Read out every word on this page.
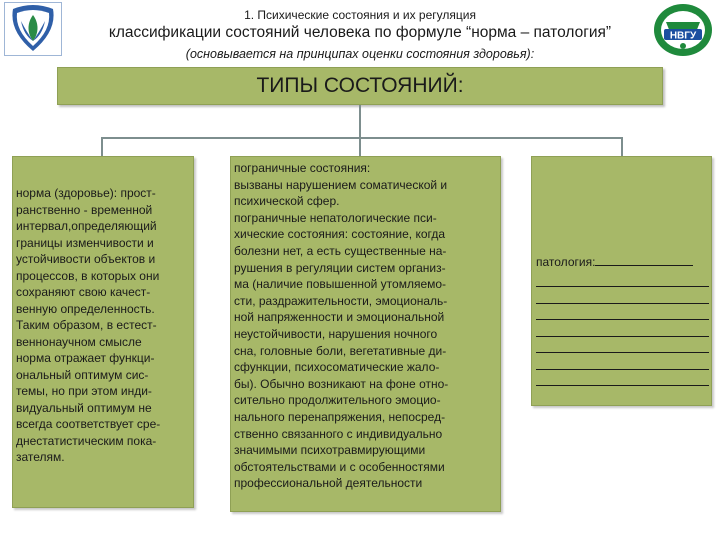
НВГУ
1. Психические состояния и их регуляция
классификации состояний человека по формуле “норма – патология”
(основывается на принципах оценки состояния здоровья):
ТИПЫ СОСТОЯНИЙ:
норма (здоровье): прост-
ранственно - временной
интервал,определяющий
границы изменчивости и
устойчивости объектов и
процессов, в которых они
сохраняют свою качест-
венную определенность.
Таким образом, в естест-
веннонаучном смысле
норма отражает функци-
ональный оптимум сис-
темы, но при этом инди-
видуальный оптимум не
всегда соответствует сре-
днестатистическим пока-
зателям.
пограничные состояния:
вызваны нарушением соматической и
психической сфер.
пограничные непатологические пси-
хические состояния: состояние, когда
болезни нет, а есть существенные на-
рушения в регуляции систем организ-
ма (наличие повышенной утомляемо-
сти, раздражительности, эмоциональ-
ной напряженности и эмоциональной
неустойчивости, нарушения ночного
сна, головные боли, вегетативные ди-
сфункции, психосоматические жало-
бы). Обычно возникают на фоне отно-
сительно продолжительного эмоцио-
нального перенапряжения, непосред-
ственно связанного с индивидуально
значимыми психотравмирующими
обстоятельствами и с особенностями
профессиональной деятельности
патология:
